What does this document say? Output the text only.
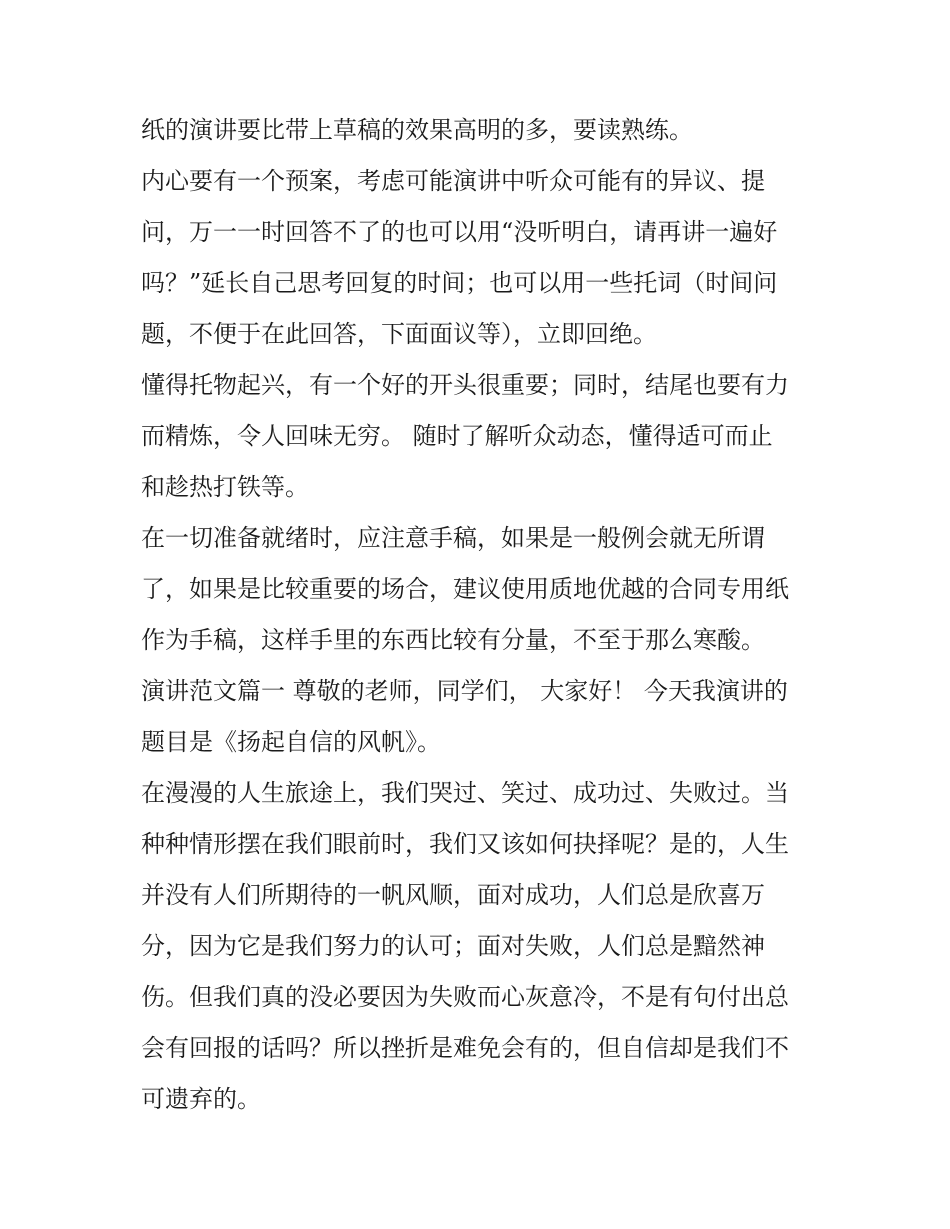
纸的演讲要比带上草稿的效果高明的多，要读熟练。
内心要有一个预案，考虑可能演讲中听众可能有的异议、提
问，万一一时回答不了的也可以用“没听明白，请再讲一遍好
吗？”延长自己思考回复的时间；也可以用一些托词（时间问
题，不便于在此回答，下面面议等），立即回绝。
懂得托物起兴，有一个好的开头很重要；同时，结尾也要有力
而精炼，令人回味无穷。 随时了解听众动态，懂得适可而止
和趁热打铁等。
在一切准备就绪时，应注意手稿，如果是一般例会就无所谓
了，如果是比较重要的场合，建议使用质地优越的合同专用纸
作为手稿，这样手里的东西比较有分量，不至于那么寒酸。
演讲范文篇一 尊敬的老师，同学们， 大家好！ 今天我演讲的
题目是《扬起自信的风帆》。
在漫漫的人生旅途上，我们哭过、笑过、成功过、失败过。当
种种情形摆在我们眼前时，我们又该如何抉择呢？是的，人生
并没有人们所期待的一帆风顺，面对成功，人们总是欣喜万
分，因为它是我们努力的认可；面对失败，人们总是黯然神
伤。但我们真的没必要因为失败而心灰意冷，不是有句付出总
会有回报的话吗？所以挫折是难免会有的，但自信却是我们不
可遗弃的。
